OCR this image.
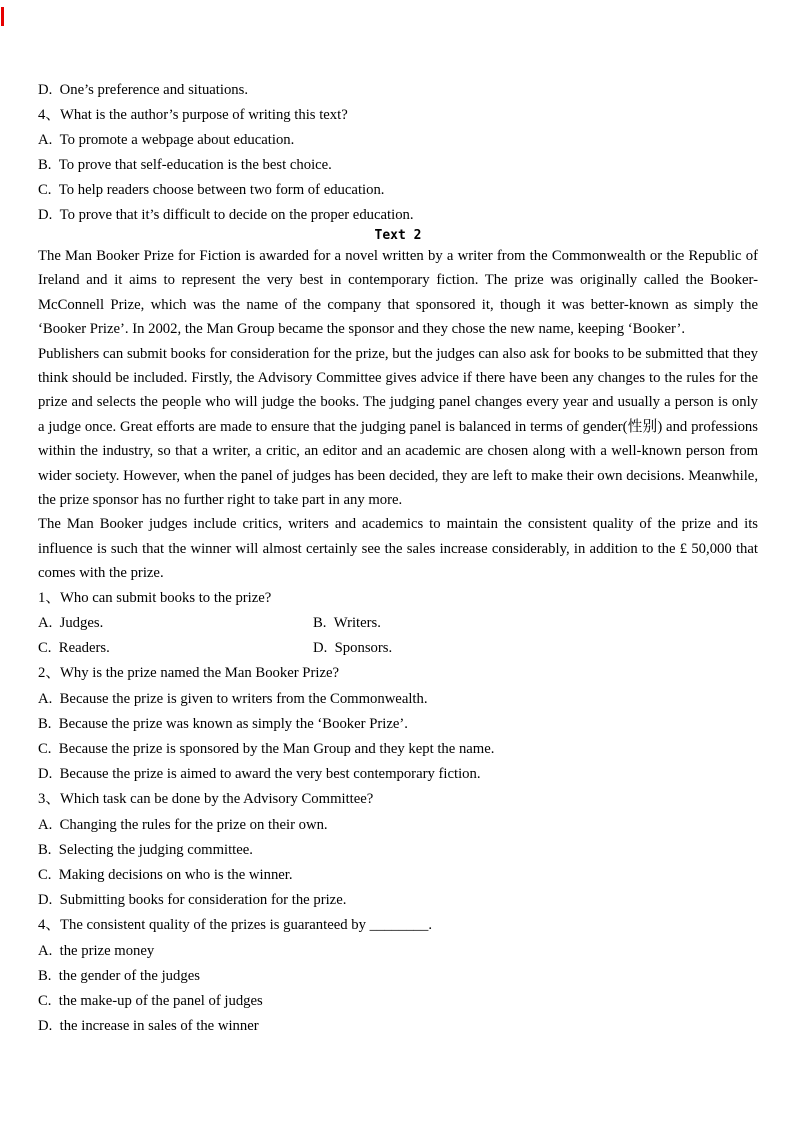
D. One’s preference and situations.
4、What is the author’s purpose of writing this text?
A. To promote a webpage about education.
B. To prove that self-education is the best choice.
C. To help readers choose between two form of education.
D. To prove that it’s difficult to decide on the proper education.
Text 2

The Man Booker Prize for Fiction is awarded for a novel written by a writer from the Commonwealth or the Republic of Ireland and it aims to represent the very best in contemporary fiction. The prize was originally called the Booker-McConnell Prize, which was the name of the company that sponsored it, though it was better-known as simply the ‘Booker Prize’. In 2002, the Man Group became the sponsor and they chose the new name, keeping ‘Booker’.

Publishers can submit books for consideration for the prize, but the judges can also ask for books to be submitted that they think should be included. Firstly, the Advisory Committee gives advice if there have been any changes to the rules for the prize and selects the people who will judge the books. The judging panel changes every year and usually a person is only a judge once. Great efforts are made to ensure that the judging panel is balanced in terms of gender(性别) and professions within the industry, so that a writer, a critic, an editor and an academic are chosen along with a well-known person from wider society. However, when the panel of judges has been decided, they are left to make their own decisions. Meanwhile, the prize sponsor has no further right to take part in any more.

The Man Booker judges include critics, writers and academics to maintain the consistent quality of the prize and its influence is such that the winner will almost certainly see the sales increase considerably, in addition to the £ 50,000 that comes with the prize.

1、Who can submit books to the prize?
A. Judges.	B. Writers.
C. Readers.	D. Sponsors.
2、Why is the prize named the Man Booker Prize?
A. Because the prize is given to writers from the Commonwealth.
B. Because the prize was known as simply the ‘Booker Prize’.
C. Because the prize is sponsored by the Man Group and they kept the name.
D. Because the prize is aimed to award the very best contemporary fiction.
3、Which task can be done by the Advisory Committee?
A. Changing the rules for the prize on their own.
B. Selecting the judging committee.
C. Making decisions on who is the winner.
D. Submitting books for consideration for the prize.
4、The consistent quality of the prizes is guaranteed by ________.
A. the prize money
B. the gender of the judges
C. the make-up of the panel of judges
D. the increase in sales of the winner
